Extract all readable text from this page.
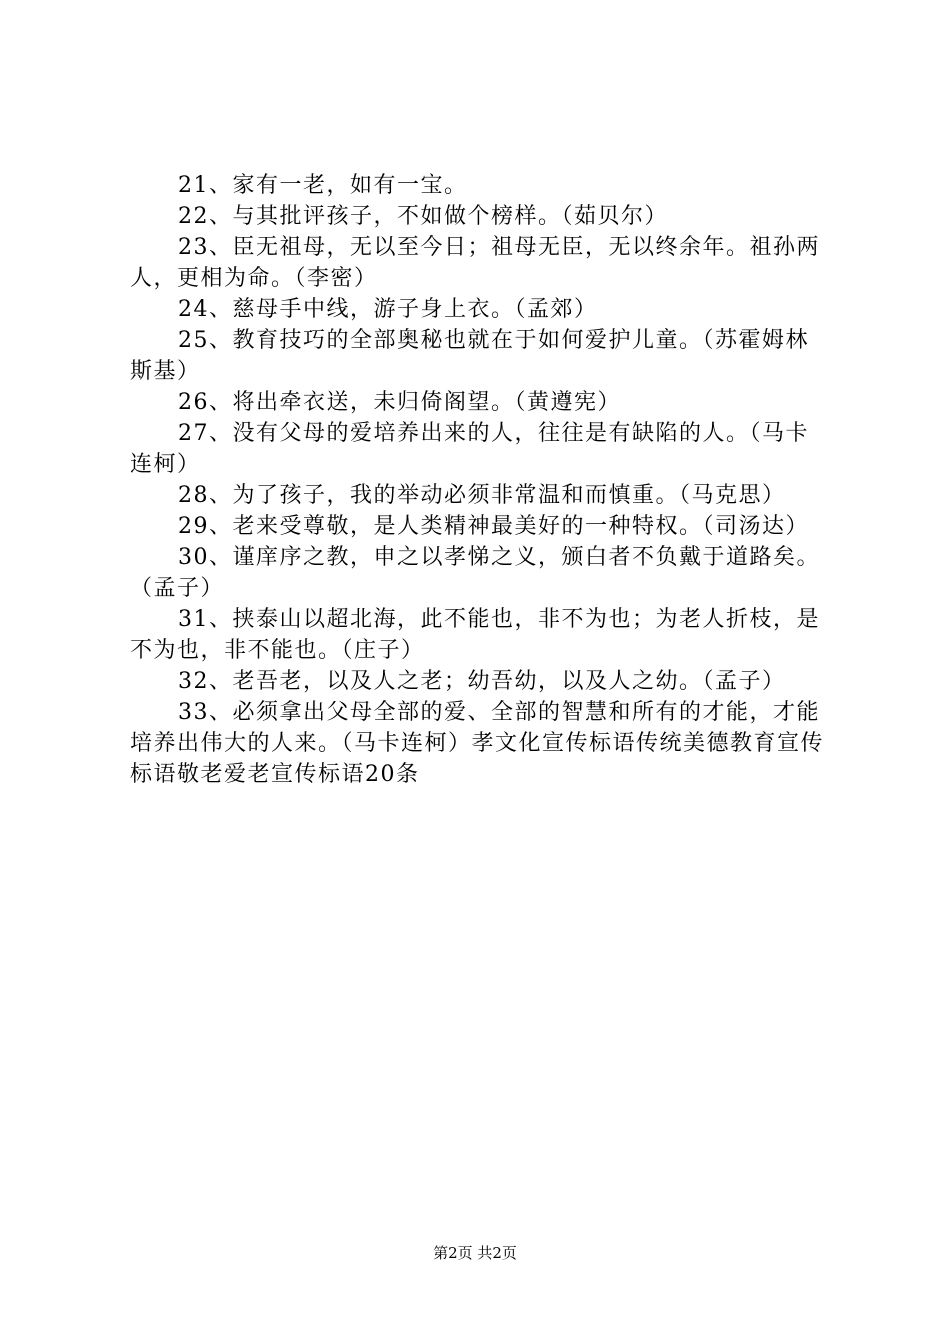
21、家有一老，如有一宝。

22、与其批评孩子，不如做个榜样。（茹贝尔）

23、臣无祖母，无以至今日；祖母无臣，无以终余年。祖孙两人，更相为命。（李密）

24、慈母手中线，游子身上衣。（孟郊）

25、教育技巧的全部奥秘也就在于如何爱护儿童。（苏霍姆林斯基）

26、将出牵衣送，未归倚阁望。（黄遵宪）

27、没有父母的爱培养出来的人，往往是有缺陷的人。（马卡连柯）

28、为了孩子，我的举动必须非常温和而慎重。（马克思）

29、老来受尊敬，是人类精神最美好的一种特权。（司汤达）

30、谨庠序之教，申之以孝悌之义，颁白者不负戴于道路矣。（孟子）

31、挟泰山以超北海，此不能也，非不为也；为老人折枝，是不为也，非不能也。（庄子）

32、老吾老，以及人之老；幼吾幼，以及人之幼。（孟子）

33、必须拿出父母全部的爱、全部的智慧和所有的才能，才能培养出伟大的人来。（马卡连柯）孝文化宣传标语传统美德教育宣传标语敬老爱老宣传标语20条

第2页 共2页
